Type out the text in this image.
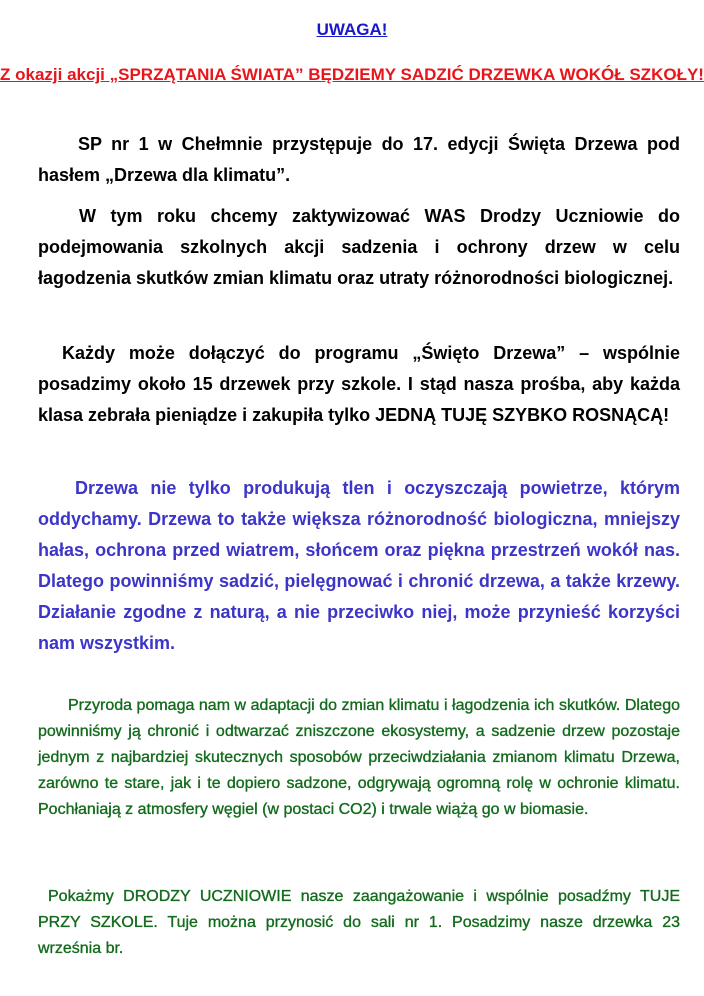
UWAGA!
Z okazji akcji „SPRZĄTANIA ŚWIATA” BĘDZIEMY SADZIĆ DRZEWKA WOKÓŁ SZKOŁY!

SP nr 1 w Chełmnie przystępuje do 17. edycji Święta Drzewa pod hasłem „Drzewa dla klimatu”.

W tym roku chcemy zaktywizować WAS Drodzy Uczniowie do podejmowania szkolnych akcji sadzenia i ochrony drzew w celu łagodzenia skutków zmian klimatu oraz utraty różnorodności biologicznej.

Każdy może dołączyć do programu „Święto Drzewa” – wspólnie posadzimy około 15 drzewek przy szkole. I stąd nasza prośba, aby każda klasa zebrała pieniądze i zakupiła tylko JEDNĄ TUJĘ SZYBKO ROSNĄCĄ!

Drzewa nie tylko produkują tlen i oczyszczają powietrze, którym oddychamy. Drzewa to także większa różnorodność biologiczna, mniejszy hałas, ochrona przed wiatrem, słońcem oraz piękna przestrzeń wokół nas. Dlatego powinniśmy sadzić, pielęgnować i chronić drzewa, a także krzewy. Działanie zgodne z naturą, a nie przeciwko niej, może przynieść korzyści nam wszystkim.

Przyroda pomaga nam w adaptacji do zmian klimatu i łagodzenia ich skutków. Dlatego powinniśmy ją chronić i odtwarzać zniszczone ekosystemy, a sadzenie drzew pozostaje jednym z najbardziej skutecznych sposobów przeciwdziałania zmianom klimatu Drzewa, zarówno te stare, jak i te dopiero sadzone, odgrywają ogromną rolę w ochronie klimatu. Pochłaniają z atmosfery węgiel (w postaci CO2) i trwale wiążą go w biomasie.

Pokażmy DRODZY UCZNIOWIE nasze zaangażowanie i wspólnie posadźmy TUJE PRZY SZKOLE. Tuje można przynosić do sali nr 1. Posadzimy nasze drzewka 23 września br.
